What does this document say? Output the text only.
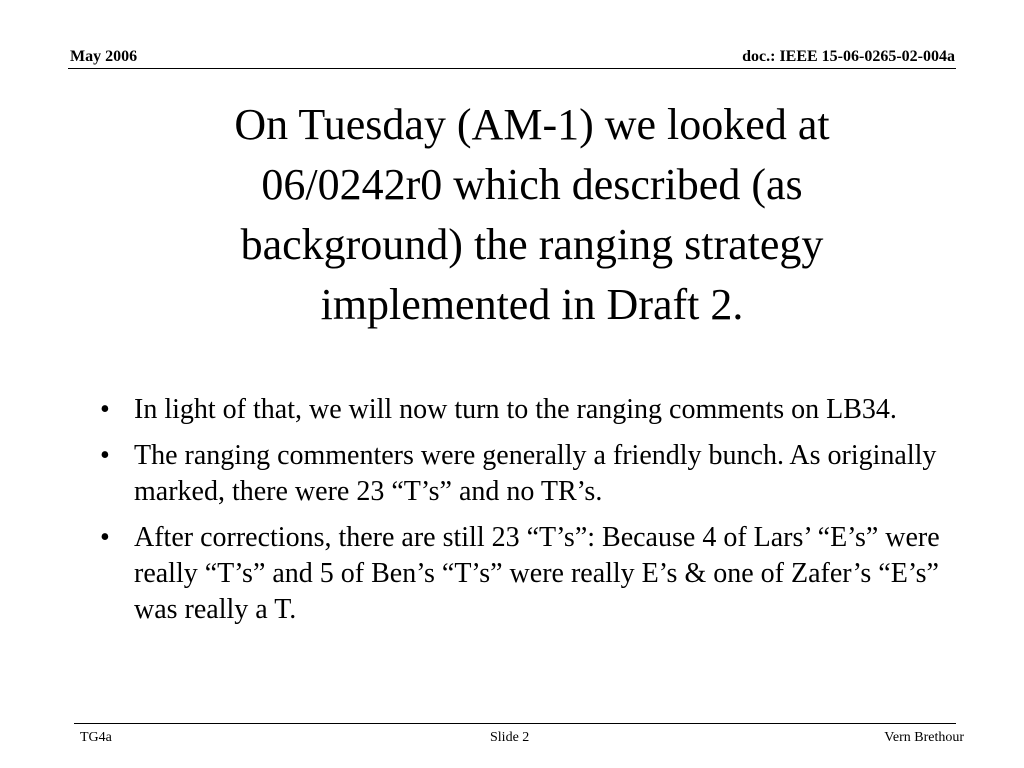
May 2006	doc.: IEEE 15-06-0265-02-004a
On Tuesday (AM-1) we looked at 06/0242r0 which described (as background) the ranging strategy implemented in Draft 2.
• In light of that, we will now turn to the ranging comments on LB34.
• The ranging commenters were generally a friendly bunch. As originally marked, there were 23 “T’s” and no TR’s.
• After corrections, there are still 23 “T’s”: Because 4 of Lars’ “E’s” were really “T’s” and 5 of Ben’s “T’s” were really E’s & one of Zafer’s “E’s” was really a T.
TG4a	Slide 2	Vern Brethour
